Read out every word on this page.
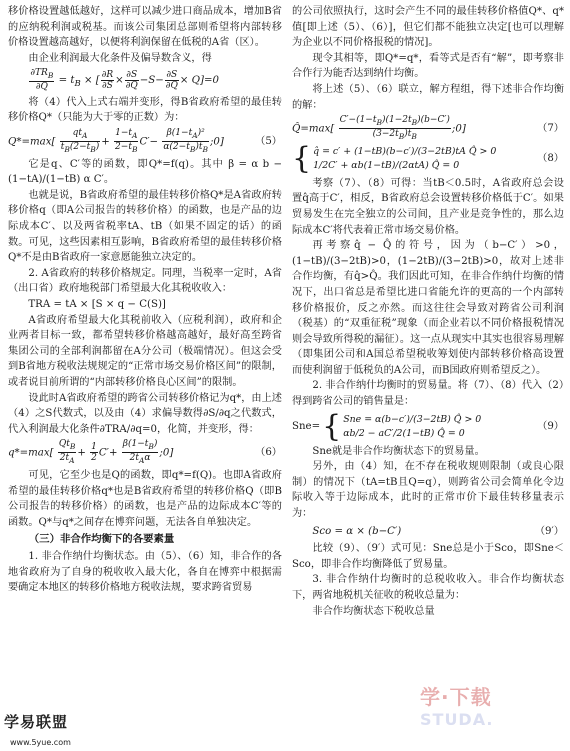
移价格设置越低越好，这样可以减少进口商品成本，增加B省的应纳税利润或税基。而该公司集团总部则希望将内部转移价格设置越高越好，以便将利润保留在低税的A省（区）。

由企业利润最大化条件及偏导数含义，得

$\frac{\partial TR_B}{\partial Q} = t_B$ × [ $\frac{\partial R}{\partial S} \times \frac{\partial S}{\partial Q} -S- \frac{\partial S}{\partial Q} \times Q]=0$

将（4）代入上式右端并变形，得B省政府希望的最佳转移价格Q*（只能为大于零的正数）为：

$Q*=\max[ \frac{qt_A}{t_B(2-t_B)} + \frac{1-t_A}{2-t_B} C'- \frac{\beta(1-t_A)^2}{\alpha(2-t_B)t_B}$ ;0]	（5）

它是q、C′等的函数，即Q*=f(q)。其中 β = α b − (1−tA)/(1−tB) α C′。

也就是说，B省政府希望的最佳转移价格Q*是A省政府转移价格q（即A公司报告的转移价格）的函数，也是产品的边际成本C′、以及两省税率tA、tB（如果不固定的话）的函数。可见，这些因素相互影响，B省政府希望的最佳转移价格Q*不是由B省政府一家意愿能独立决定的。

2. A省政府的转移价格规定。同理，当税率一定时，A省（出口省）政府地税部门希望最大化其税收收入：

TRA = tA × [S × q − C(S)]

A省政府希望最大化其税前收入（应税利润），政府和企业两者目标一致，都希望转移价格越高越好，最好高至跨省集团公司的全部利润都留在A分公司（极端情况）。但这会受到B省地方税收法规规定的“正常市场交易价格区间”的限制，或者说目前所谓的“内部转移价格良心区间”的限制。

设此时A省政府希望的跨省公司转移价格记为q*，由上述（4）之S代数式，以及由（4）求偏导数得∂S/∂q之代数式，代入利润最大化条件∂TRA/∂q=0，化简，并变形，得：

$q*=\max[ \frac{Qt_B}{2t_A} + \frac{1}{2} C'+ \frac{\beta(1-t_B)}{2t_A\alpha}$ ;0]	（6）

可见，它至少也是Q的函数，即q*=f(Q)。也即A省政府希望的最佳转移价格q*也是B省政府希望的转移价格Q（即B公司报告的转移价格）的函数，也是产品的边际成本C′等的函数。Q*与q*之间存在博弈问题，无法各自单独决定。

（三）非合作均衡下的各要素量

1. 非合作纳什均衡状态。由（5）、（6）知，非合作的各地省政府为了自身的税收收入最大化，各自在博弈中根据需要确定本地区的转移价格地方税收法规，要求跨省贸易

的公司依照执行，这时会产生不同的最佳转移价格值Q*、q*值[即上述（5）、（6）]，但它们都不能独立决定[也可以理解为企业以不同价格报税的情况]。

现令其相等，即Q*=q*，看等式是否有“解”，即考察非合作行为能否达到纳什均衡。

将上述（5）、（6）联立，解方程组，得下述非合作均衡的解：

Q̂=max[ $\frac{C'-(1-t_B)(1-2t_B)(b-C')}{(3-2t_B)t_B}$ ;0]	（7）
{ q̂ = c′ + (1−tB)(b−c′)/(3−2tB)tA Q̂ > 0
1/2C′ + αb(1−tB)/(2αtA) Q̂ = 0
（8）

考察（7）、（8）可得：当tB＜0.5时，A省政府总会设置q̂高于C′，相反，B省政府总会设置转移价格低于C′。如果贸易发生在完全独立的公司间，且产业是竞争性的，那么边际成本C′将代表着正常市场交易价格。

再考察q̂ − Q̂的符号，因为（b−C′）>0，(1−tB)/(3−2tB)>0，(1−2tB)/(3−2tB)>0，故对上述非合作均衡，有q̂>Q̂。我们因此可知，在非合作纳什均衡的情况下，出口省总是希望比进口省能允许的更高的一个内部转移价格报价，反之亦然。而这往往会导致对跨省公司利润（税基）的“双重征税”现象（而企业若以不同价格报税情况则会导致所得税的漏征）。这一点从现实中其实也很容易理解（即集团公司和A国总希望税收筹划使内部转移价格高设置而使利润留于低税负的A公司，而B国政府则希望反之）。

2. 非合作纳什均衡时的贸易量。将（7）、（8）代入（2）得到跨省公司的销售量是：

Sne= { Sne = α(b−c′)/(3−2tB) Q̂ > 0
αb/2 − aC′/2(1−tB) Q̂ = 0
（9）

Sne就是非合作均衡状态下的贸易量。

另外，由（4）知，在不存在税收规则限制（或良心限制）的情况下（tA=tB且Q=q），则跨省公司会简单化令边际收入等于边际成本，此时的正常市价下最佳转移量表示为：

Sco = α × (b−C′)	（9′）

比较（9）、（9′）式可见：Sne总是小于Sco，即Sne＜Sco，即非合作均衡降低了贸易量。

3. 非合作纳什均衡时的总税收收入。非合作均衡状态下，两省地税机关征收的税收总量为：

非合作均衡状态下税收总量

学·下载
STUDA.
学易联盟
www.5yue.com
